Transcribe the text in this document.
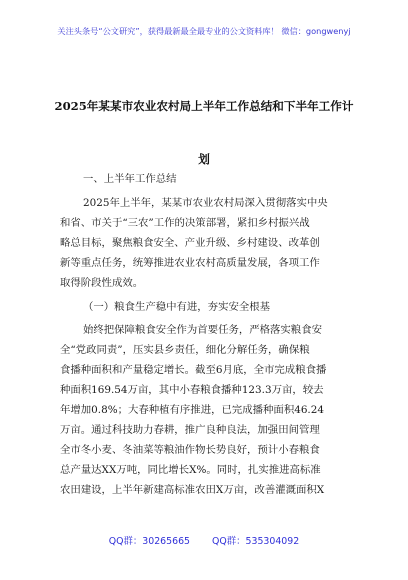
关注头条号“公文研究”，获得最新最全最专业的公文资料库！ 微信：gongwenyj
2025年某某市农业农村局上半年工作总结和下半年工作计
划
一、上半年工作总结
2025年上半年，某某市农业农村局深入贯彻落实中央
和省、市关于“三农”工作的决策部署，紧扣乡村振兴战
略总目标，聚焦粮食安全、产业升级、乡村建设、改革创
新等重点任务，统筹推进农业农村高质量发展，各项工作
取得阶段性成效。
（一）粮食生产稳中有进，夯实安全根基
始终把保障粮食安全作为首要任务，严格落实粮食安
全“党政同责”，压实县乡责任，细化分解任务，确保粮
食播种面积和产量稳定增长。截至6月底，全市完成粮食播
种面积169.54万亩，其中小春粮食播种123.3万亩，较去
年增加0.8%；大春种植有序推进，已完成播种面积46.24
万亩。通过科技助力春耕，推广良种良法，加强田间管理
全市冬小麦、冬油菜等粮油作物长势良好，预计小春粮食
总产量达XX万吨，同比增长X%。同时，扎实推进高标准
农田建设，上半年新建高标准农田X万亩，改善灌溉面积X
QQ群：30265665 QQ群：535304092
